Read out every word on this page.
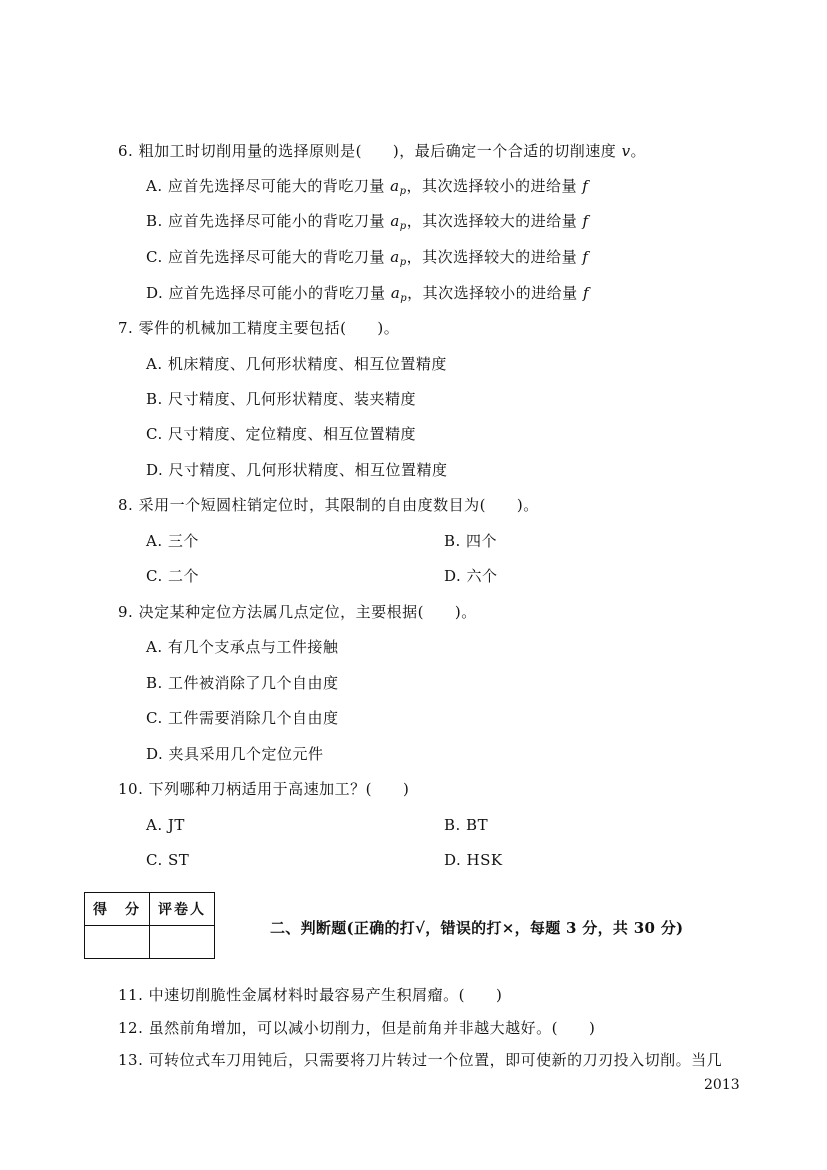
6. 粗加工时切削用量的选择原则是(　　)，最后确定一个合适的切削速度 v。
A. 应首先选择尽可能大的背吃刀量 $a_p$，其次选择较小的进给量 f
B. 应首先选择尽可能小的背吃刀量 $a_p$，其次选择较大的进给量 f
C. 应首先选择尽可能大的背吃刀量 $a_p$，其次选择较大的进给量 f
D. 应首先选择尽可能小的背吃刀量 $a_p$，其次选择较小的进给量 f
7. 零件的机械加工精度主要包括(　　)。
A. 机床精度、几何形状精度、相互位置精度
B. 尺寸精度、几何形状精度、装夹精度
C. 尺寸精度、定位精度、相互位置精度
D. 尺寸精度、几何形状精度、相互位置精度
8. 采用一个短圆柱销定位时，其限制的自由度数目为(　　)。
A. 三个	B. 四个
C. 二个	D. 六个
9. 决定某种定位方法属几点定位，主要根据(　　)。
A. 有几个支承点与工件接触
B. 工件被消除了几个自由度
C. 工件需要消除几个自由度
D. 夹具采用几个定位元件
10. 下列哪种刀柄适用于高速加工？(　　)
A. JT	B. BT
C. ST	D. HSK
得　分	评卷人

二、判断题(正确的打√，错误的打×，每题 3 分，共 30 分)
11. 中速切削脆性金属材料时最容易产生积屑瘤。(　　)
12. 虽然前角增加，可以减小切削力，但是前角并非越大越好。(　　)
13. 可转位式车刀用钝后，只需要将刀片转过一个位置，即可使新的刀刃投入切削。当几
2013
